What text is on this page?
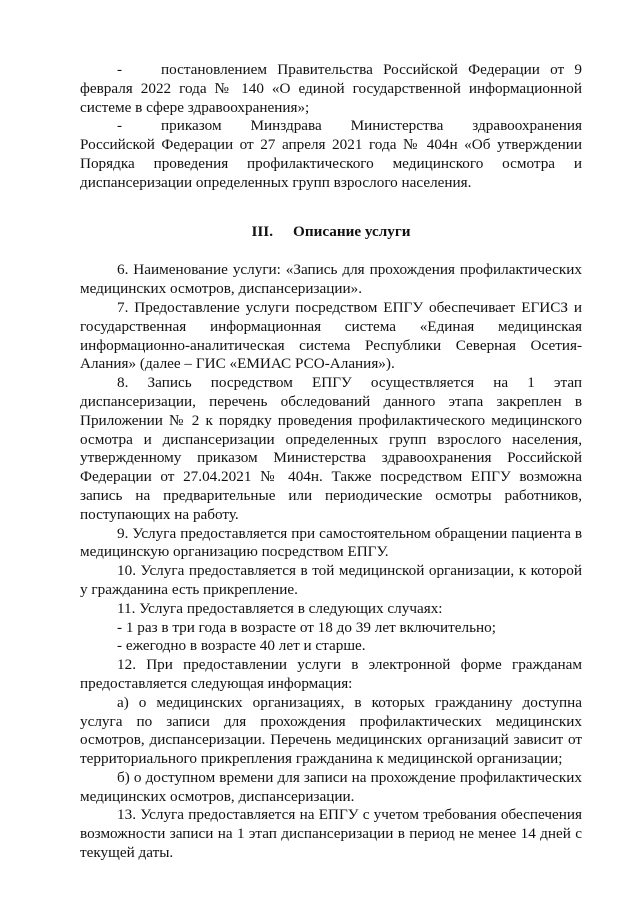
-	постановлением Правительства Российской Федерации от 9 февраля 2022 года № 140 «О единой государственной информационной системе в сфере здравоохранения»;

-	приказом Минздрава Министерства здравоохранения Российской Федерации от 27 апреля 2021 года № 404н «Об утверждении Порядка проведения профилактического медицинского осмотра и диспансеризации определенных групп взрослого населения.

III. Описание услуги

6. Наименование услуги: «Запись для прохождения профилактических медицинских осмотров, диспансеризации».

7. Предоставление услуги посредством ЕПГУ обеспечивает ЕГИСЗ и государственная информационная система «Единая медицинская информационно-аналитическая система Республики Северная Осетия-Алания» (далее – ГИС «ЕМИАС РСО-Алания»).

8. Запись посредством ЕПГУ осуществляется на 1 этап диспансеризации, перечень обследований данного этапа закреплен в Приложении № 2 к порядку проведения профилактического медицинского осмотра и диспансеризации определенных групп взрослого населения, утвержденному приказом Министерства здравоохранения Российской Федерации от 27.04.2021 № 404н. Также посредством ЕПГУ возможна запись на предварительные или периодические осмотры работников, поступающих на работу.

9. Услуга предоставляется при самостоятельном обращении пациента в медицинскую организацию посредством ЕПГУ.

10. Услуга предоставляется в той медицинской организации, к которой у гражданина есть прикрепление.

11. Услуга предоставляется в следующих случаях:

- 1 раз в три года в возрасте от 18 до 39 лет включительно;

- ежегодно в возрасте 40 лет и старше.

12. При предоставлении услуги в электронной форме гражданам предоставляется следующая информация:

а) о медицинских организациях, в которых гражданину доступна услуга по записи для прохождения профилактических медицинских осмотров, диспансеризации. Перечень медицинских организаций зависит от территориального прикрепления гражданина к медицинской организации;

б) о доступном времени для записи на прохождение профилактических медицинских осмотров, диспансеризации.

13. Услуга предоставляется на ЕПГУ с учетом требования обеспечения возможности записи на 1 этап диспансеризации в период не менее 14 дней с текущей даты.
